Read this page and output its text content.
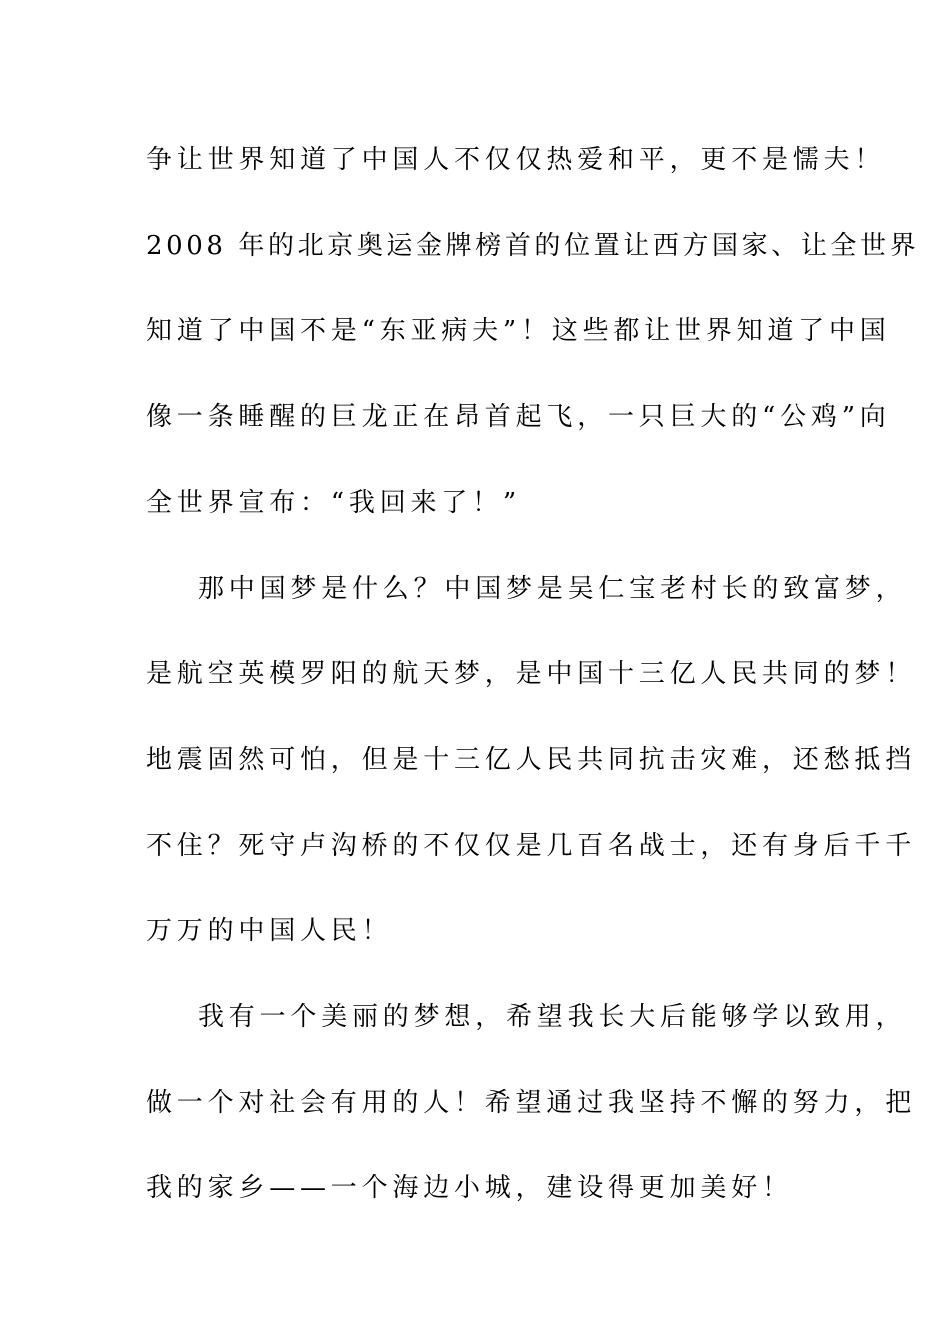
争让世界知道了中国人不仅仅热爱和平，更不是懦夫！
2008 年的北京奥运金牌榜首的位置让西方国家、让全世界
知道了中国不是“东亚病夫”！这些都让世界知道了中国
像一条睡醒的巨龙正在昂首起飞，一只巨大的“公鸡”向
全世界宣布：“我回来了！”
那中国梦是什么？中国梦是吴仁宝老村长的致富梦，
是航空英模罗阳的航天梦，是中国十三亿人民共同的梦！
地震固然可怕，但是十三亿人民共同抗击灾难，还愁抵挡
不住？死守卢沟桥的不仅仅是几百名战士，还有身后千千
万万的中国人民！
我有一个美丽的梦想，希望我长大后能够学以致用，
做一个对社会有用的人！希望通过我坚持不懈的努力，把
我的家乡——一个海边小城，建设得更加美好！
